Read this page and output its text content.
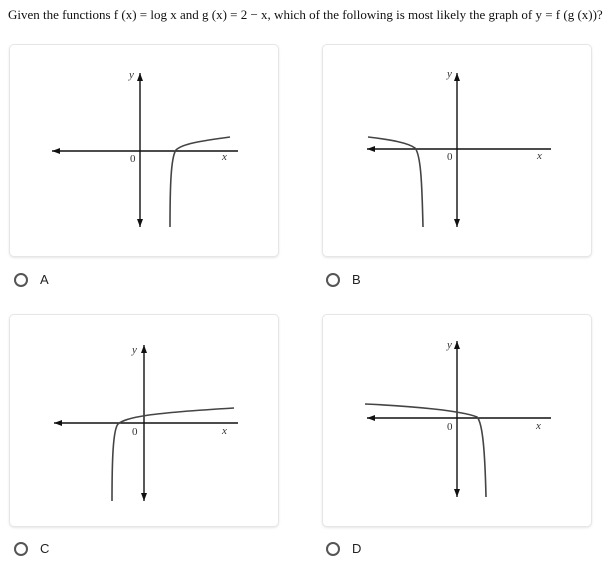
Given the functions f (x) = log x and g (x) = 2 − x, which of the following is most likely the graph of y = f (g (x))?
y
x
0
A
y
x
0
B
y
x
0
C
y
x
0
D
